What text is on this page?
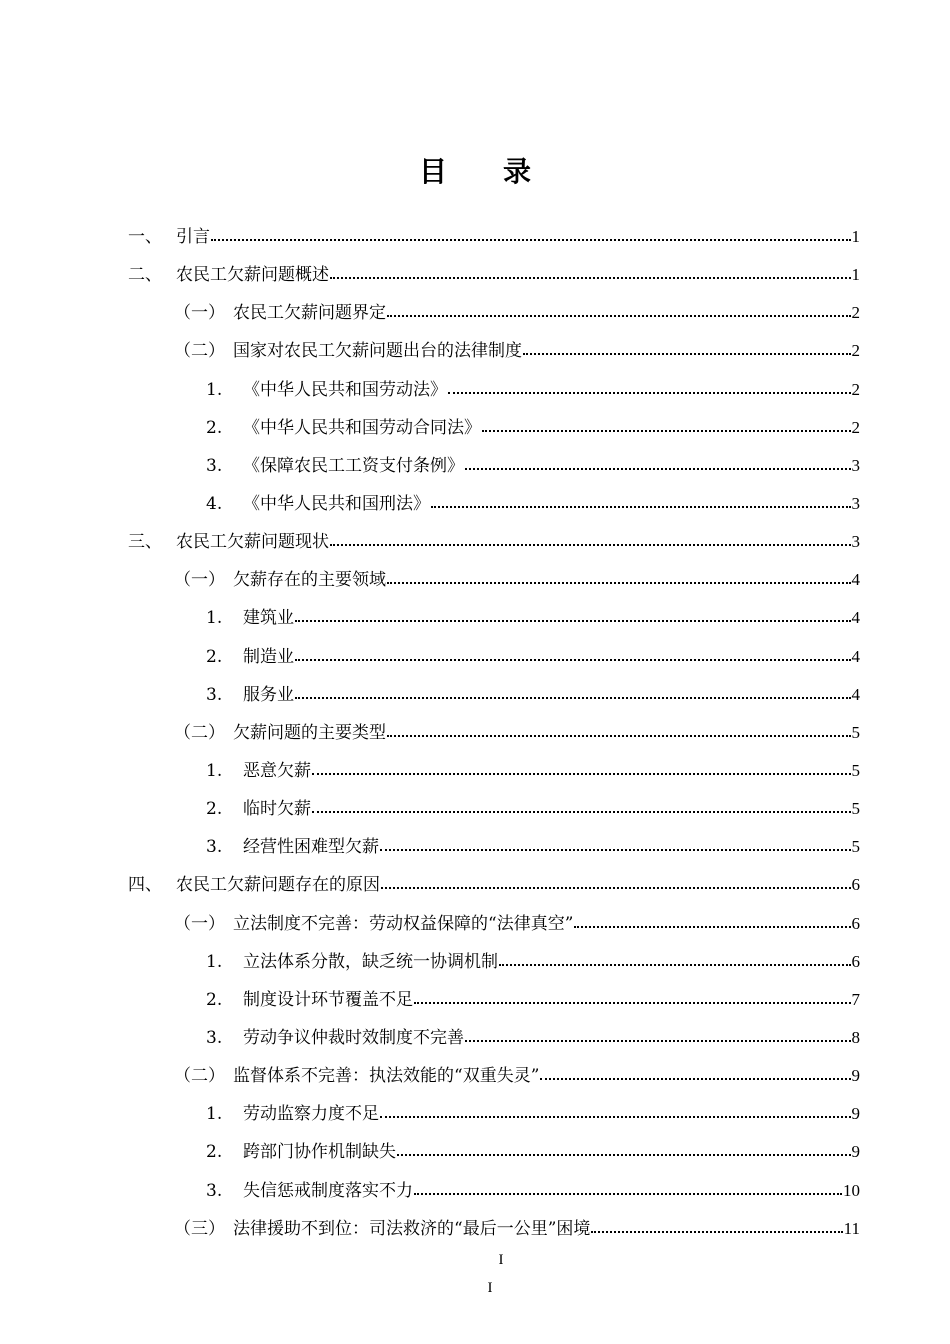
目 录
一、 引言	1
二、 农民工欠薪问题概述	1
（一） 农民工欠薪问题界定	2
（二） 国家对农民工欠薪问题出台的法律制度	2
1.	《中华人民共和国劳动法》	2
2.	《中华人民共和国劳动合同法》	2
3.	《保障农民工工资支付条例》	3
4.	《中华人民共和国刑法》	3
三、 农民工欠薪问题现状	3
（一） 欠薪存在的主要领域	4
1.	建筑业	4
2.	制造业	4
3.	服务业	4
（二） 欠薪问题的主要类型	5
1.	恶意欠薪	5
2.	临时欠薪	5
3.	经营性困难型欠薪	5
四、 农民工欠薪问题存在的原因	6
（一） 立法制度不完善：劳动权益保障的“法律真空”	6
1.	立法体系分散，缺乏统一协调机制	6
2.	制度设计环节覆盖不足	7
3.	劳动争议仲裁时效制度不完善	8
（二） 监督体系不完善：执法效能的“双重失灵”	9
1.	劳动监察力度不足	9
2.	跨部门协作机制缺失	9
3.	失信惩戒制度落实不力	10
（三） 法律援助不到位：司法救济的“最后一公里”困境	11
I
I
